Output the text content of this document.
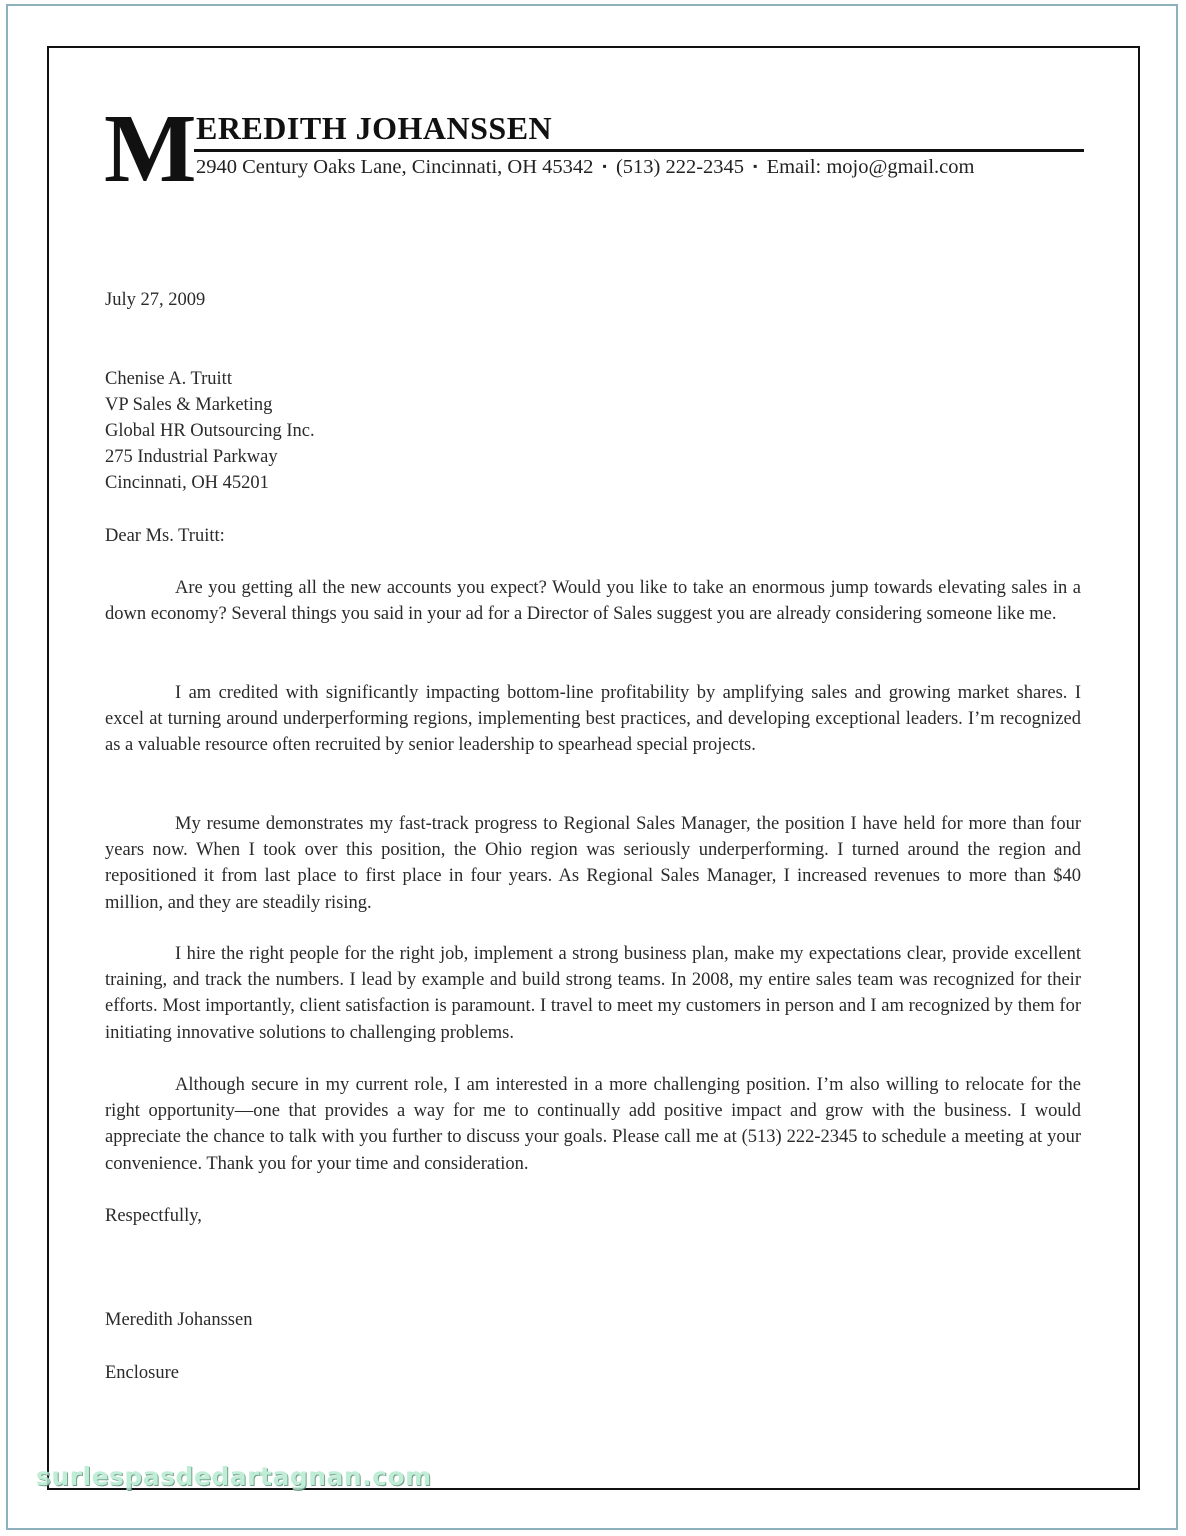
M EREDITH JOHANSSEN
2940 Century Oaks Lane, Cincinnati, OH 45342 ▪ (513) 222-2345 ▪ Email: mojo@gmail.com
July 27, 2009
Chenise A. Truitt
VP Sales & Marketing
Global HR Outsourcing Inc.
275 Industrial Parkway
Cincinnati, OH 45201
Dear Ms. Truitt:
Are you getting all the new accounts you expect? Would you like to take an enormous jump towards elevating sales in a down economy? Several things you said in your ad for a Director of Sales suggest you are already considering someone like me.
I am credited with significantly impacting bottom-line profitability by amplifying sales and growing market shares. I excel at turning around underperforming regions, implementing best practices, and developing exceptional leaders. I’m recognized as a valuable resource often recruited by senior leadership to spearhead special projects.
My resume demonstrates my fast-track progress to Regional Sales Manager, the position I have held for more than four years now. When I took over this position, the Ohio region was seriously underperforming. I turned around the region and repositioned it from last place to first place in four years. As Regional Sales Manager, I increased revenues to more than $40 million, and they are steadily rising.
I hire the right people for the right job, implement a strong business plan, make my expectations clear, provide excellent training, and track the numbers. I lead by example and build strong teams. In 2008, my entire sales team was recognized for their efforts. Most importantly, client satisfaction is paramount. I travel to meet my customers in person and I am recognized by them for initiating innovative solutions to challenging problems.
Although secure in my current role, I am interested in a more challenging position. I’m also willing to relocate for the right opportunity—one that provides a way for me to continually add positive impact and grow with the business. I would appreciate the chance to talk with you further to discuss your goals. Please call me at (513) 222-2345 to schedule a meeting at your convenience. Thank you for your time and consideration.
Respectfully,
Meredith Johanssen
Enclosure
surlespasdedartagnan.com
